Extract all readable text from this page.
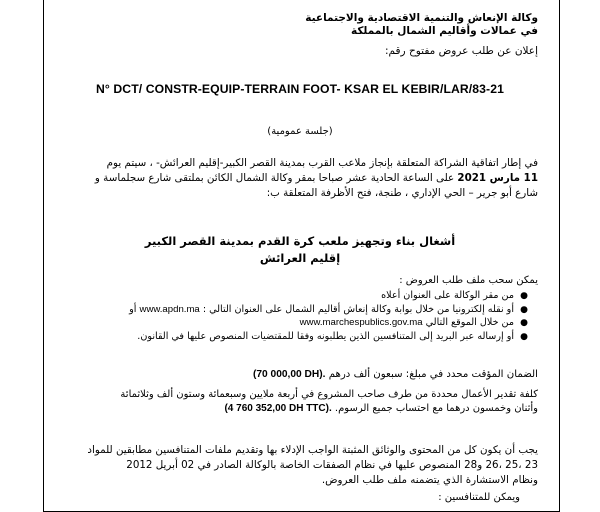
وكالة الإنعاش والتنمية الاقتصادية والاجتماعية
في عمالات وأقاليم الشمال بالمملكة
إعلان عن طلب عروض مفتوح رقم:
N° DCT/ CONSTR-EQUIP-TERRAIN FOOT- KSAR EL KEBIR/LAR/83-21
(جلسة عمومية)
في إطار اتفاقية الشراكة المتعلقة بإنجاز ملاعب القرب بمدينة القصر الكبير-إقليم العرائش- ، سيتم يوم
11 مارس 2021 على الساعة الحادية عشر صباحا بمقر وكالة الشمال الكائن بملتقى شارع سجلماسة و
شارع أبو جرير – الحي الإداري ، طنجة، فتح الأظرفة المتعلقة ب:
أشغال بناء وتجهيز ملعب كرة القدم بمدينة القصر الكبير
إقليم العرائش
يمكن سحب ملف طلب العروض :
●
من مقر الوكالة على العنوان أعلاه
●
أو نقله إلكترونيا من خلال بوابة وكالة إنعاش أقاليم الشمال على العنوان التالي : www.apdn.ma أو
●
من خلال الموقع التالي www.marchespublics.gov.ma
●
أو إرساله عبر البريد إلى المتنافسين الذين يطلبونه وفقا للمقتضيات المنصوص عليها في القانون.
الضمان المؤقت محدد في مبلغ: سبعون ألف درهم (70 000,00 DH).
كلفة تقدير الأعمال محددة من طرف صاحب المشروع في أربعة ملايين وسبعمائة وستون ألف وثلاثمائة
وأثنان وخمسون درهما مع احتساب جميع الرسوم. (4 760 352,00 DH TTC).
يجب أن يكون كل من المحتوى والوثائق المثبتة الواجب الإدلاء بها وتقديم ملفات المتنافسين مطابقين للمواد
23 ،25 ،26 و28 المنصوص عليها في نظام الصفقات الخاصة بالوكالة الصادر في 02 أبريل 2012
ونظام الاستشارة الذي يتضمنه ملف طلب العروض.
ويمكن للمتنافسين :
